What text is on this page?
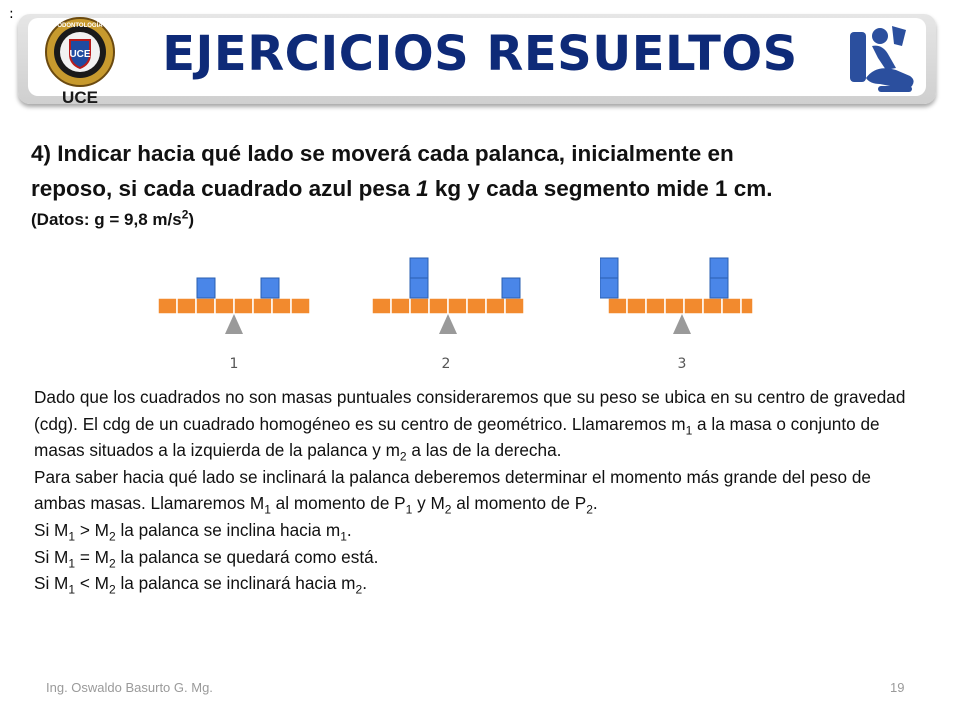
:
UCE
ODONTOLOGÍA
UCE
EJERCICIOS RESUELTOS
4) Indicar hacia qué lado se moverá cada palanca, inicialmente en
reposo, si cada cuadrado azul pesa 1 kg y cada segmento mide 1 cm.
(Datos: g = 9,8 $m/s^2$)
1	2	3

Dado que los cuadrados no son masas puntuales consideraremos que su peso se ubica en su centro de gravedad (cdg). El cdg de un cuadrado homogéneo es su centro de geométrico. Llamaremos $m_1$ a la masa o conjunto de masas situados a la izquierda de la palanca y $m_2$ a las de la derecha.

Para saber hacia qué lado se inclinará la palanca deberemos determinar el momento más grande del peso de ambas masas. Llamaremos $M_1$ al momento de $P_1$ y $M_2$ al momento de $P_2$.

Si $M_1 > M_2$ la palanca se inclina hacia $m_1$.

Si $M_1 = M_2$ la palanca se quedará como está.

Si $M_1 < M_2$ la palanca se inclinará hacia $m_2$.

Ing. Oswaldo Basurto G. Mg.	19
